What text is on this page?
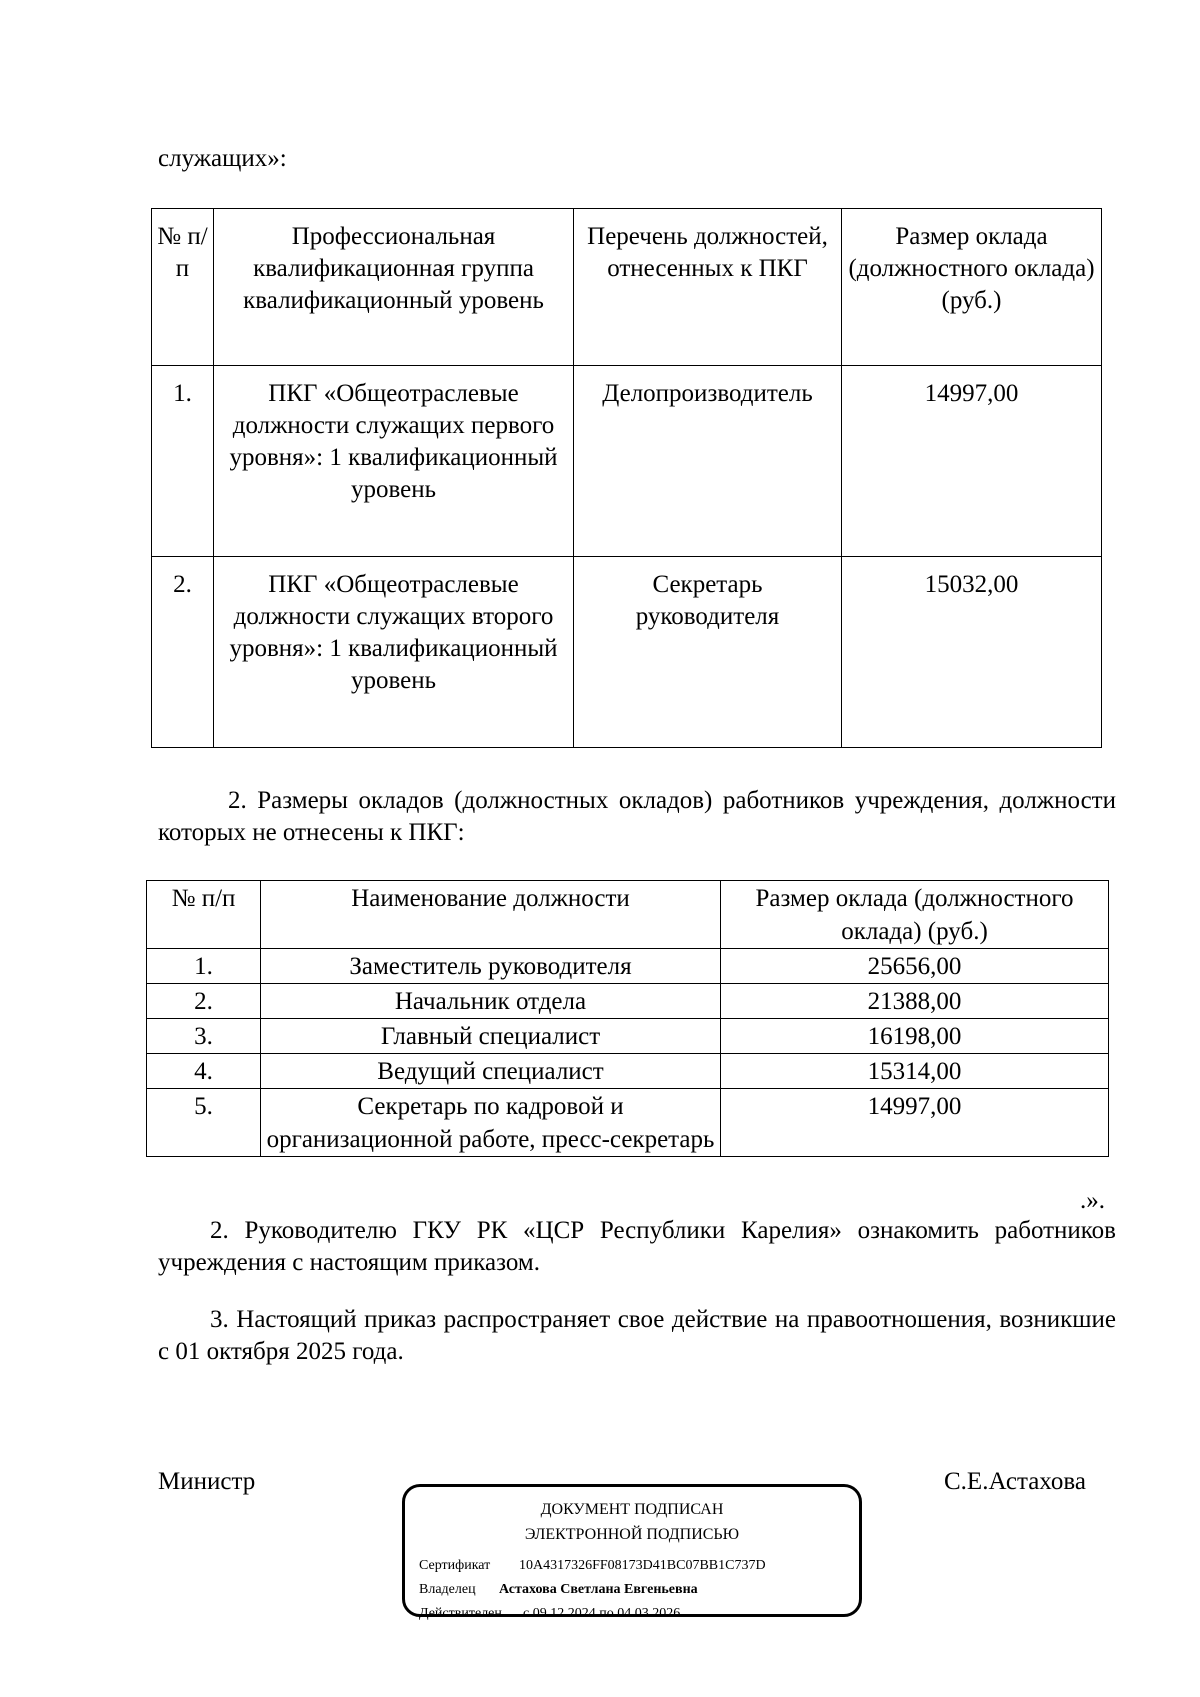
служащих»:
№ п/п	Профессиональная квалификационная группа квалификационный уровень	Перечень должностей, отнесенных к ПКГ	Размер оклада (должностного оклада) (руб.)
1.	ПКГ «Общеотраслевые должности служащих первого уровня»: 1 квалификационный уровень	Делопроизводитель	14997,00
2.	ПКГ «Общеотраслевые должности служащих второго уровня»: 1 квалификационный уровень	Секретарь руководителя	15032,00
2. Размеры окладов (должностных окладов) работников учреждения, должности которых не отнесены к ПКГ:
№ п/п	Наименование должности	Размер оклада (должностного оклада) (руб.)
1.	Заместитель руководителя	25656,00
2.	Начальник отдела	21388,00
3.	Главный специалист	16198,00
4.	Ведущий специалист	15314,00
5.	Секретарь по кадровой и организационной работе, пресс-секретарь	14997,00
.».
2. Руководителю ГКУ РК «ЦСР Республики Карелия» ознакомить работников учреждения с настоящим приказом.
3. Настоящий приказ распространяет свое действие на правоотношения, возникшие с 01 октября 2025 года.
Министр	С.Е.Астахова
ДОКУМЕНТ ПОДПИСАН
ЭЛЕКТРОННОЙ ПОДПИСЬЮ
Сертификат 10A4317326FF08173D41BC07BB1C737D
Владелец Астахова Светлана Евгеньевна
Действителен с 09.12.2024 по 04.03.2026
